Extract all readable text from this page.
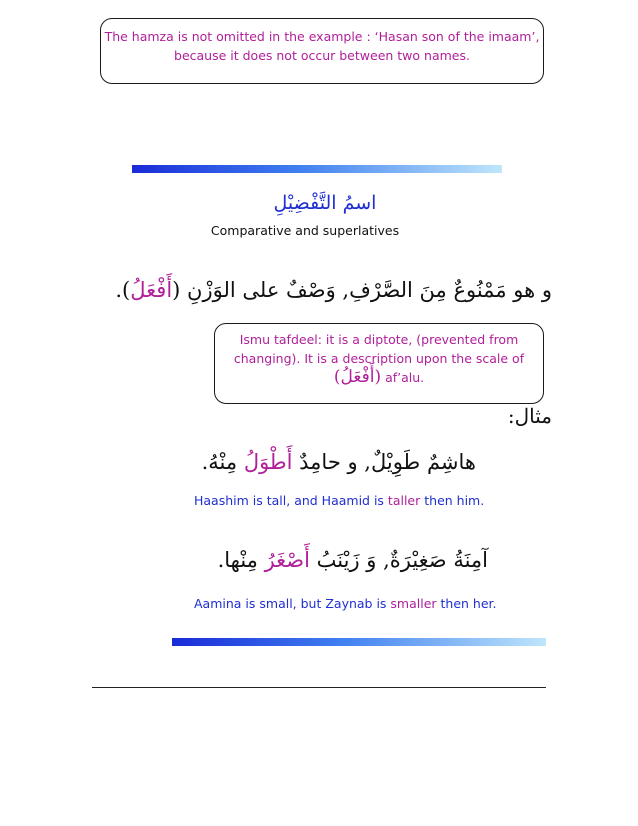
The hamza is not omitted in the example : ‘Hasan son of the imaam’,
because it does not occur between two names.
اسمُ التَّفْضِيْلِ
Comparative and superlatives
و هو مَمْنُوعٌ مِنَ الصَّرْفِ, وَصْفٌ على الوَزْنِ (أَفْعَلُ).
Ismu tafdeel: it is a diptote, (prevented from
changing). It is a description upon the scale of
(أَفْعَلُ) af’alu.
مثال:
هاشِمٌ طَوِيْلٌ, و حامِدٌ أَطْوَلُ مِنْهُ.
Haashim is tall, and Haamid is taller then him.
آمِنَةُ صَغِيْرَةٌ, وَ زَيْنَبُ أَصْغَرُ مِنْها.
Aamina is small, but Zaynab is smaller then her.
